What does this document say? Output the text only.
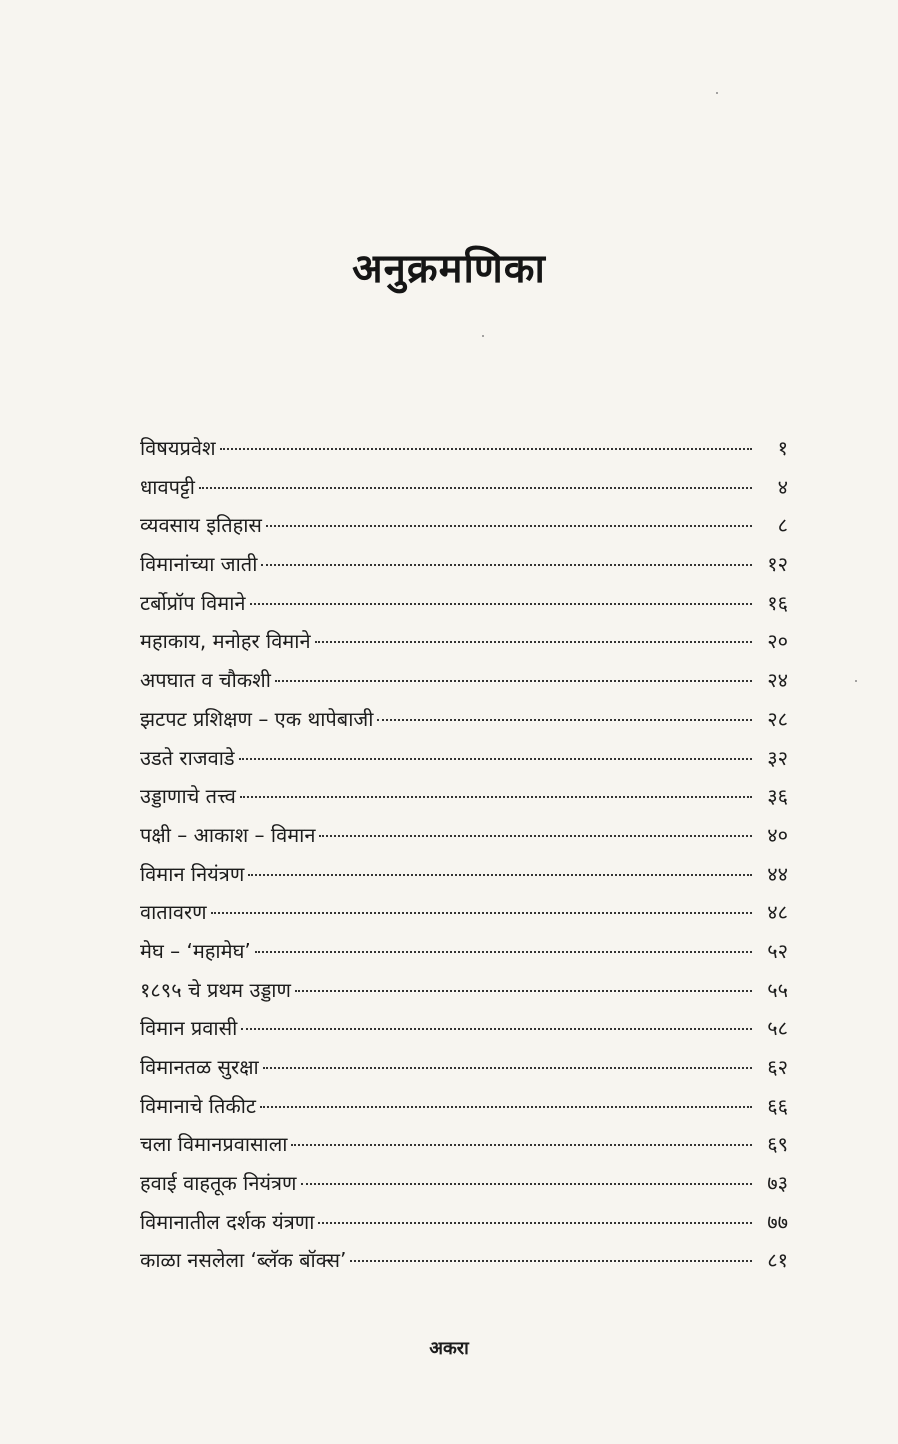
अनुक्रमणिका
विषयप्रवेश	१
धावपट्टी	४
व्यवसाय इतिहास	८
विमानांच्या जाती	१२
टर्बोप्रॉप विमाने	१६
महाकाय, मनोहर विमाने	२०
अपघात व चौकशी	२४
झटपट प्रशिक्षण – एक थापेबाजी	२८
उडते राजवाडे	३२
उड्डाणाचे तत्त्व	३६
पक्षी – आकाश – विमान	४०
विमान नियंत्रण	४४
वातावरण	४८
मेघ – ‘महामेघ’	५२
१८९५ चे प्रथम उड्डाण	५५
विमान प्रवासी	५८
विमानतळ सुरक्षा	६२
विमानाचे तिकीट	६६
चला विमानप्रवासाला	६९
हवाई वाहतूक नियंत्रण	७३
विमानातील दर्शक यंत्रणा	७७
काळा नसलेला ‘ब्लॅक बॉक्स’	८१
अकरा
